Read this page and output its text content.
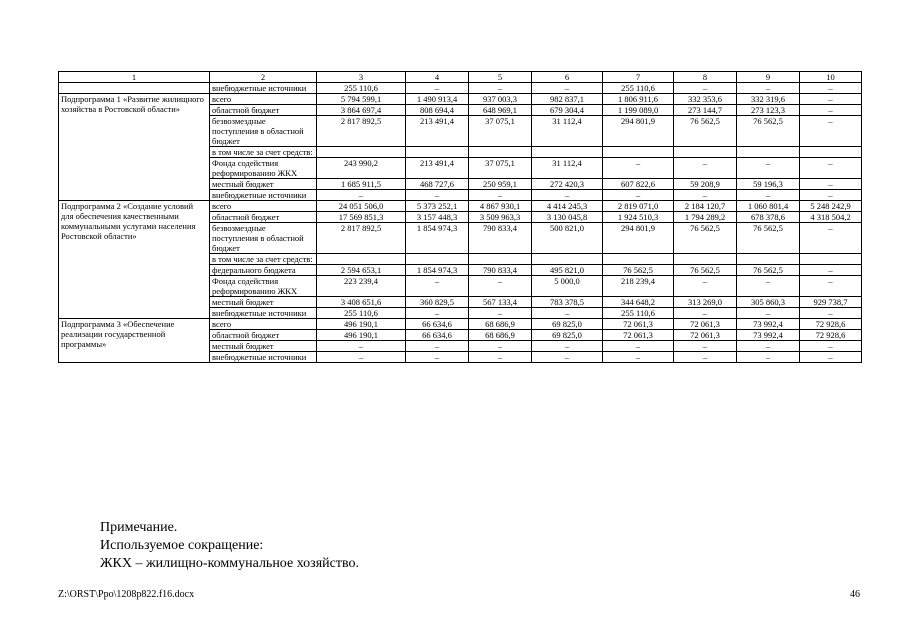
1	2	3	4	5	6	7	8	9	10
	внебюджетные источники	255 110,6	–	–	–	255 110,6	–	–	–
Подпрограмма 1 «Развитие жилищного хозяйства в Ростовской области»	всего	5 794 599,1	1 490 913,4	937 003,3	982 837,1	1 806 911,6	332 353,6	332 319,6	–
	областной бюджет	3 864 697,4	808 694,4	648 969,1	679 304,4	1 199 089,0	273 144,7	273 123,3	–
	безвозмездные поступления в областной бюджет	2 817 892,5	213 491,4	37 075,1	31 112,4	294 801,9	76 562,5	76 562,5	–
	в том числе за счет средств:								
	Фонда содействия реформированию ЖКХ	243 990,2	213 491,4	37 075,1	31 112,4	–	–	–	–
	местный бюджет	1 685 911,5	468 727,6	250 959,1	272 420,3	607 822,6	59 208,9	59 196,3	–
	внебюджетные источники	–	–	–	–	–	–	–	–
Подпрограмма 2 «Создание условий для обеспечения качественными коммунальными услугами населения Ростовской области»	всего	24 051 506,0	5 373 252,1	4 867 930,1	4 414 245,3	2 819 071,0	2 184 120,7	1 060 801,4	5 248 242,9
	областной бюджет	17 569 851,3	3 157 448,3	3 509 963,3	3 130 045,8	1 924 510,3	1 794 289,2	678 378,6	4 318 504,2
	безвозмездные поступления в областной бюджет	2 817 892,5	1 854 974,3	790 833,4	500 821,0	294 801,9	76 562,5	76 562,5	–
	в том числе за счет средств:								
	федерального бюджета	2 594 653,1	1 854 974,3	790 833,4	495 821,0	76 562,5	76 562,5	76 562,5	–
	Фонда содействия реформированию ЖКХ	223 239,4	–	–	5 000,0	218 239,4	–	–	–
	местный бюджет	3 408 651,6	360 829,5	567 133,4	783 378,5	344 648,2	313 269,0	305 860,3	929 738,7
	внебюджетные источники	255 110,6	–	–	–	255 110,6	–	–	–
Подпрограмма 3 «Обеспечение реализации государственной программы»	всего	496 190,1	66 634,6	68 686,9	69 825,0	72 061,3	72 061,3	73 992,4	72 928,6
	областной бюджет	496 190,1	66 634,6	68 686,9	69 825,0	72 061,3	72 061,3	73 992,4	72 928,6
	местный бюджет	–	–	–	–	–	–	–	–
	внебюджетные источники	–	–	–	–	–	–	–	–
Примечание.
Используемое сокращение:
ЖКХ – жилищно-коммунальное хозяйство.
Z:\ORST\Ppo\1208p822.f16.docx	46
